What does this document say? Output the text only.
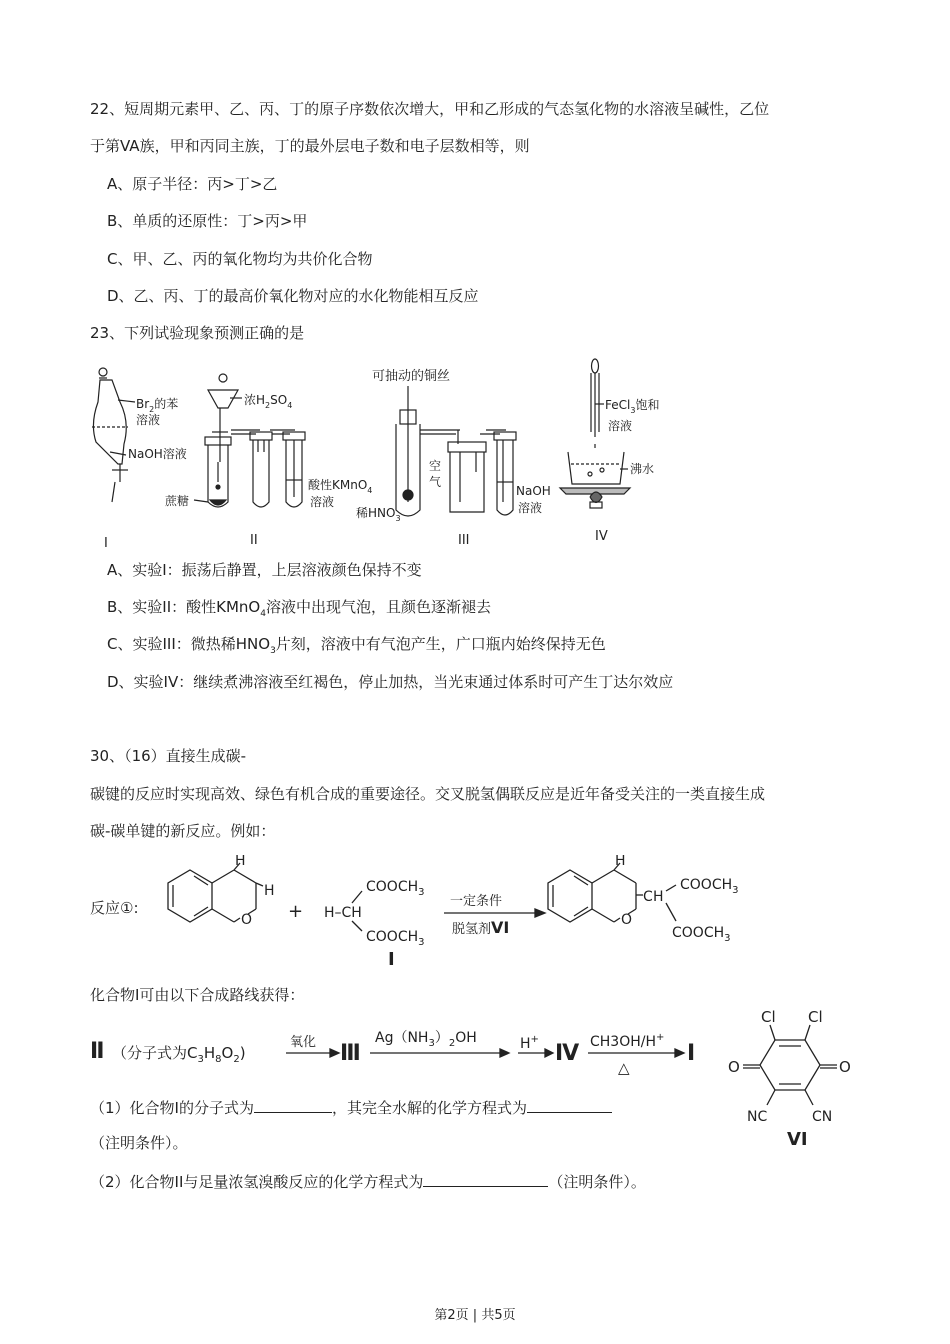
22、短周期元素甲、乙、丙、丁的原子序数依次增大，甲和乙形成的气态氢化物的水溶液呈碱性，乙位
于第VA族，甲和丙同主族，丁的最外层电子数和电子层数相等，则
A、原子半径：丙>丁>乙
B、单质的还原性：丁>丙>甲
C、甲、乙、丙的氧化物均为共价化合物
D、乙、丙、丁的最高价氧化物对应的水化物能相互反应
23、下列试验现象预测正确的是
$Br_2$的苯
溶液
NaOH溶液
I
浓$H_2SO_4$
蔗糖
酸性KMnO$_4$
溶液
II
可抽动的铜丝
空
气
稀$HNO_3$
NaOH
溶液
III
FeCl$_3$饱和
溶液
沸水
IV
A、实验I：振荡后静置，上层溶液颜色保持不变
B、实验II：酸性KMnO$_4$溶液中出现气泡，且颜色逐渐褪去
C、实验III：微热稀$HNO_3$片刻，溶液中有气泡产生，广口瓶内始终保持无色
D、实验IV：继续煮沸溶液至红褐色，停止加热，当光束通过体系时可产生丁达尔效应
30、（16）直接生成碳-
碳键的反应时实现高效、绿色有机合成的重要途径。交叉脱氢偶联反应是近年备受关注的一类直接生成
碳-碳单键的新反应。例如：
反应①:
H
H
O + H–CH
$COOCH_3$
$COOCH_3$
I
一定条件
脱氢剂VI
H
O
C H
$COOCH_3$
$COOCH_3$
化合物I可由以下合成路线获得：
Ⅱ （分子式为$C_3H_8O_2$)
氧化 Ⅲ
$Ag(NH_3)_2OH$	H+
Ⅳ CH3OH/H+
△
Ⅰ
Cl Cl
O	O
NC	CN
VI
（1）化合物I的分子式为	，其完全水解的化学方程式为
（注明条件）。
（2）化合物II与足量浓氢溴酸反应的化学方程式为	（注明条件）。
第2页 | 共5页
